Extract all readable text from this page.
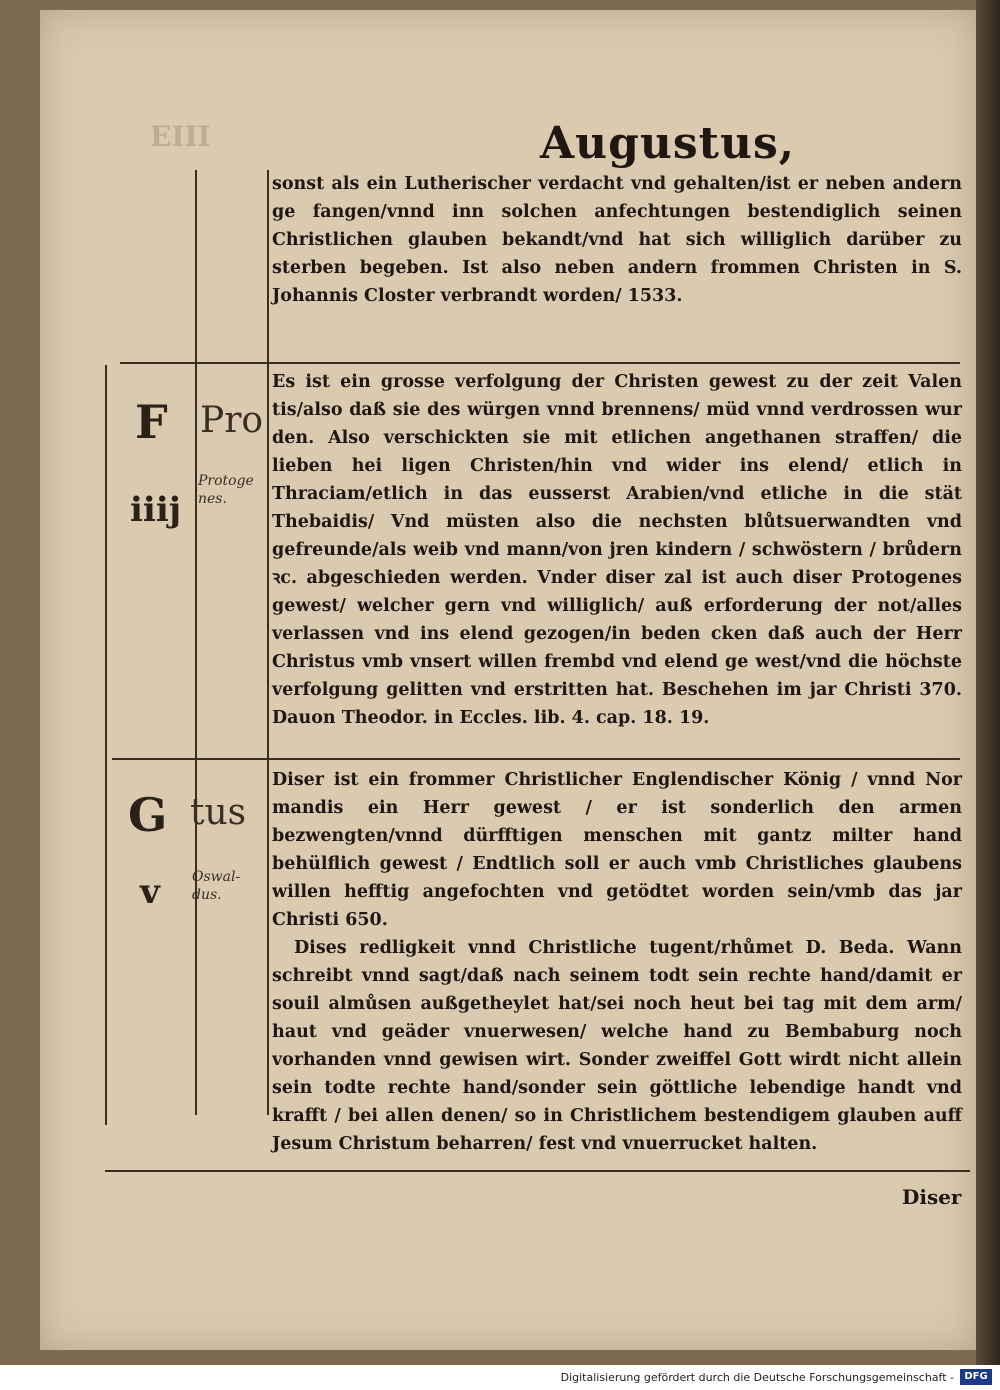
EIII	Augustus,

sonst als ein Lutherischer verdacht vnd gehalten/ist er neben andern ge fangen/vnnd inn solchen anfechtungen bestendiglich seinen Christlichen glauben bekandt/vnd hat sich williglich darüber zu sterben begeben. Ist also neben andern frommen Christen in S. Johannis Closter verbrandt worden/ 1533.

F
iiij
Pro
Protoge nes.

Es ist ein grosse verfolgung der Christen gewest zu der zeit Valen tis/also daß sie des würgen vnnd brennens/ müd vnnd verdrossen wur den. Also verschickten sie mit etlichen angethanen straffen/ die lieben hei ligen Christen/hin vnd wider ins elend/ etlich in Thraciam/etlich in das eusserst Arabien/vnd etliche in die stät Thebaidis/ Vnd müsten also die nechsten blůtsuerwandten vnd gefreunde/als weib vnd mann/von jren kindern / schwöstern / brůdern ꝛc. abgeschieden werden. Vnder diser zal ist auch diser Protogenes gewest/ welcher gern vnd williglich/ auß erforderung der not/alles verlassen vnd ins elend gezogen/in beden cken daß auch der Herr Christus vmb vnsert willen frembd vnd elend ge west/vnd die höchste verfolgung gelitten vnd erstritten hat. Beschehen im jar Christi 370. Dauon Theodor. in Eccles. lib. 4. cap. 18. 19.

G
v
tus
Oswal- dus.

Diser ist ein frommer Christlicher Englendischer König / vnnd Nor mandis ein Herr gewest / er ist sonderlich den armen bezwengten/vnnd dürfftigen menschen mit gantz milter hand behülflich gewest / Endtlich soll er auch vmb Christliches glaubens willen hefftig angefochten vnd getödtet worden sein/vmb das jar Christi 650.

Dises redligkeit vnnd Christliche tugent/rhůmet D. Beda. Wann schreibt vnnd sagt/daß nach seinem todt sein rechte hand/damit er souil almůsen außgetheylet hat/sei noch heut bei tag mit dem arm/ haut vnd geäder vnuerwesen/ welche hand zu Bembaburg noch vorhanden vnnd gewisen wirt. Sonder zweiffel Gott wirdt nicht allein sein todte rechte hand/sonder sein göttliche lebendige handt vnd krafft / bei allen denen/ so in Christlichem bestendigem glauben auff Jesum Christum beharren/ fest vnd vnuerrucket halten.

Diser
Digitalisierung gefördert durch die Deutsche Forschungsgemeinschaft -	DFG
